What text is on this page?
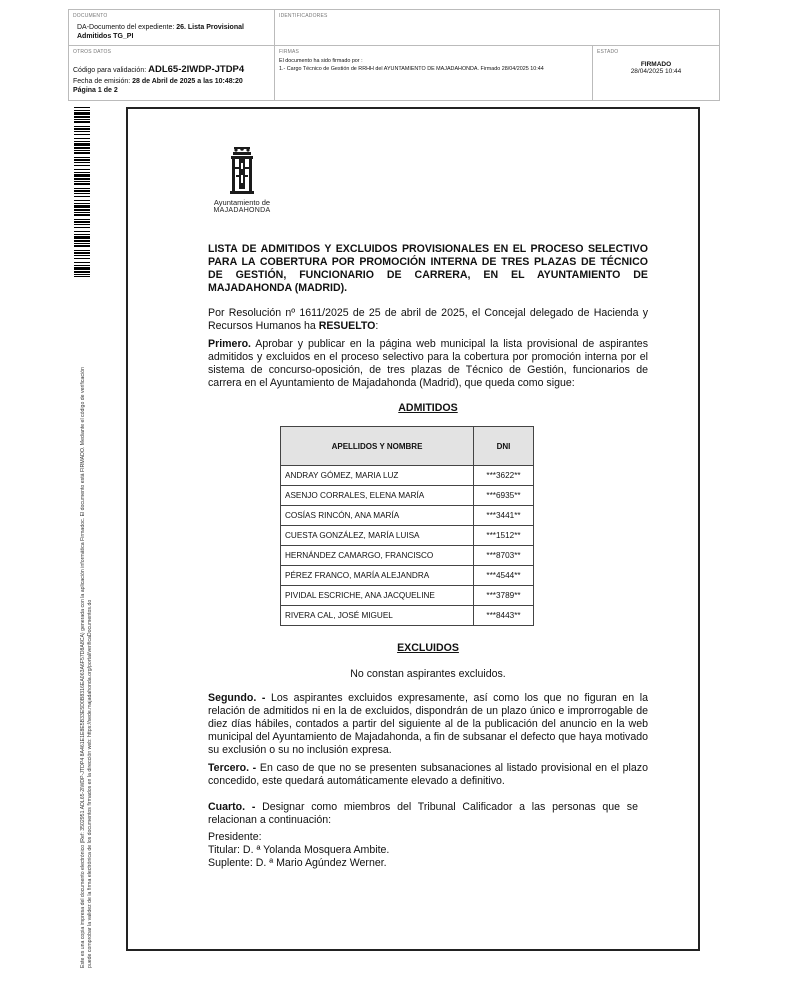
DOCUMENTO
DA-Documento del expediente: 26. Lista Provisional Admitidos TG_PI
IDENTIFICADORES
OTROS DATOS
Código para validación: ADL65-2IWDP-JTDP4
Fecha de emisión: 28 de Abril de 2025 a las 10:48:20
Página 1 de 2
FIRMAS
El documento ha sido firmado por :
1.- Cargo Técnico de Gestión de RRHH del AYUNTAMIENTO DE MAJADAHONDA. Firmado 28/04/2025 10:44
ESTADO
FIRMADO
28/04/2025 10:44
Este es una copia impresa del documento electrónico (Ref: 3502951 ADL65-2IWDP-JTDP4 8A461E1E8E5B33E5D0B8316EA063A6F57D8A8CA) generada con la aplicación informática Firmadoc. El documento está FIRMADO. Mediante el código de verificación puede comprobar la validez de la firma electrónica de los documentos firmados en la dirección web: https://sede.majadahonda.org/portal/verificaDocumentos.do
Ayuntamiento de
MAJADAHONDA
LISTA DE ADMITIDOS Y EXCLUIDOS PROVISIONALES EN EL PROCESO SELECTIVO PARA LA COBERTURA POR PROMOCIÓN INTERNA DE TRES PLAZAS DE TÉCNICO DE GESTIÓN, FUNCIONARIO DE CARRERA, EN EL AYUNTAMIENTO DE MAJADAHONDA (MADRID).
Por Resolución nº 1611/2025 de 25 de abril de 2025, el Concejal delegado de Hacienda y Recursos Humanos ha RESUELTO:
Primero. Aprobar y publicar en la página web municipal la lista provisional de aspirantes admitidos y excluidos en el proceso selectivo para la cobertura por promoción interna por el sistema de concurso-oposición, de tres plazas de Técnico de Gestión, funcionarios de carrera en el Ayuntamiento de Majadahonda (Madrid), que queda como sigue:
ADMITIDOS
APELLIDOS Y NOMBRE	DNI
ANDRAY GÓMEZ, MARIA LUZ	***3622**
ASENJO CORRALES, ELENA MARÍA	***6935**
COSÍAS RINCÓN, ANA MARÍA	***3441**
CUESTA GONZÁLEZ, MARÍA LUISA	***1512**
HERNÁNDEZ CAMARGO, FRANCISCO	***8703**
PÉREZ FRANCO, MARÍA ALEJANDRA	***4544**
PIVIDAL ESCRICHE, ANA JACQUELINE	***3789**
RIVERA CAL, JOSÉ MIGUEL	***8443**
EXCLUIDOS
No constan aspirantes excluidos.
Segundo. - Los aspirantes excluidos expresamente, así como los que no figuran en la relación de admitidos ni en la de excluidos, dispondrán de un plazo único e improrrogable de diez días hábiles, contados a partir del siguiente al de la publicación del anuncio en la web municipal del Ayuntamiento de Majadahonda, a fin de subsanar el defecto que haya motivado su exclusión o su no inclusión expresa.
Tercero. - En caso de que no se presenten subsanaciones al listado provisional en el plazo concedido, este quedará automáticamente elevado a definitivo.
Cuarto. - Designar como miembros del Tribunal Calificador a las personas que se relacionan a continuación:
Presidente:
Titular: D. ª Yolanda Mosquera Ambite.
Suplente: D. ª Mario Agúndez Werner.
